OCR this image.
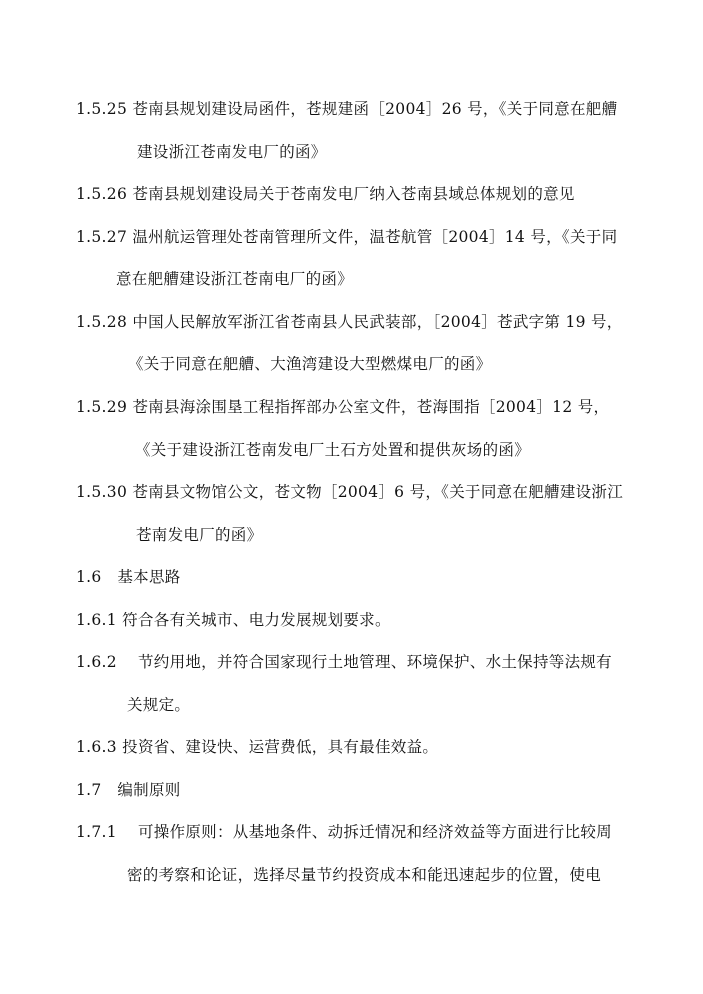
1.5.25 苍南县规划建设局函件，苍规建函［2004］26 号，《关于同意在舥艚
建设浙江苍南发电厂的函》
1.5.26 苍南县规划建设局关于苍南发电厂纳入苍南县域总体规划的意见
1.5.27 温州航运管理处苍南管理所文件，温苍航管［2004］14 号，《关于同
意在舥艚建设浙江苍南电厂的函》
1.5.28 中国人民解放军浙江省苍南县人民武装部，［2004］苍武字第 19 号，
《关于同意在舥艚、大渔湾建设大型燃煤电厂的函》
1.5.29 苍南县海涂围垦工程指挥部办公室文件，苍海围指［2004］12 号，
《关于建设浙江苍南发电厂土石方处置和提供灰场的函》
1.5.30 苍南县文物馆公文，苍文物［2004］6 号，《关于同意在舥艚建设浙江
苍南发电厂的函》
1.6　基本思路
1.6.1 符合各有关城市、电力发展规划要求。
1.6.2　 节约用地，并符合国家现行土地管理、环境保护、水土保持等法规有
关规定。
1.6.3 投资省、建设快、运营费低，具有最佳效益。
1.7　编制原则
1.7.1　 可操作原则：从基地条件、动拆迁情况和经济效益等方面进行比较周
密的考察和论证，选择尽量节约投资成本和能迅速起步的位置，使电
